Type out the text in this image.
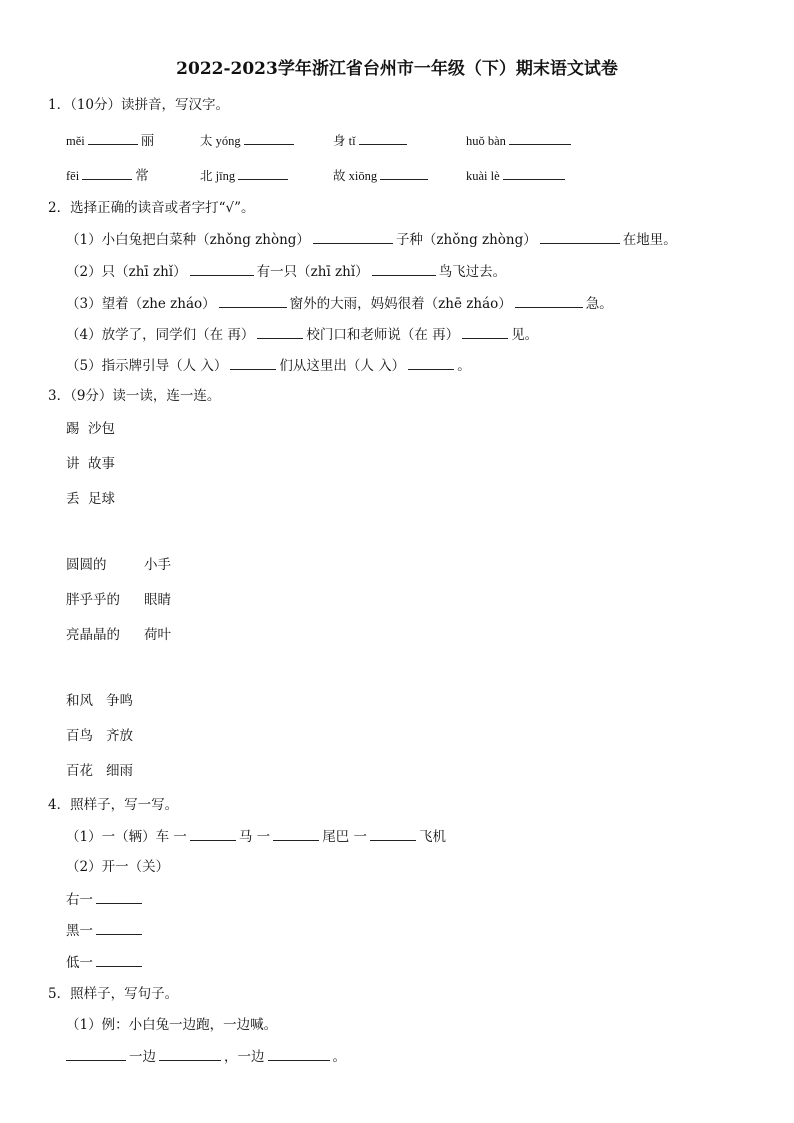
2022-2023学年浙江省台州市一年级（下）期末语文试卷
1．（10分）读拼音，写汉字。
měi	丽	太 yóng	身 tǐ	huǒ bàn
fēi	常	北 jīng	故 xiōng	kuài lè
2．选择正确的读音或者字打“√”。
（1）小白兔把白菜种（zhǒng zhòng）	子种（zhǒng zhòng）	在地里。
（2）只（zhī zhǐ）	有一只（zhī zhǐ）	鸟飞过去。
（3）望着（zhe zháo）	窗外的大雨，妈妈很着（zhē zháo）	急。
（4）放学了，同学们（在 再）	校门口和老师说（在 再）	见。
（5）指示牌引导（人 入）	们从这里出（人 入）	。
3．（9分）读一读，连一连。
踢 沙包
讲 故事
丢 足球
圆圆的	小手
胖乎乎的 眼睛
亮晶晶的 荷叶
和风 争鸣
百鸟 齐放
百花 细雨
4．照样子，写一写。
（1）一（辆）车 一	马 一	尾巴 一	飞机
（2）开一（关）
右一
黑一
低一
5．照样子，写句子。
（1）例：小白兔一边跑，一边喊。
一边	，一边	。
